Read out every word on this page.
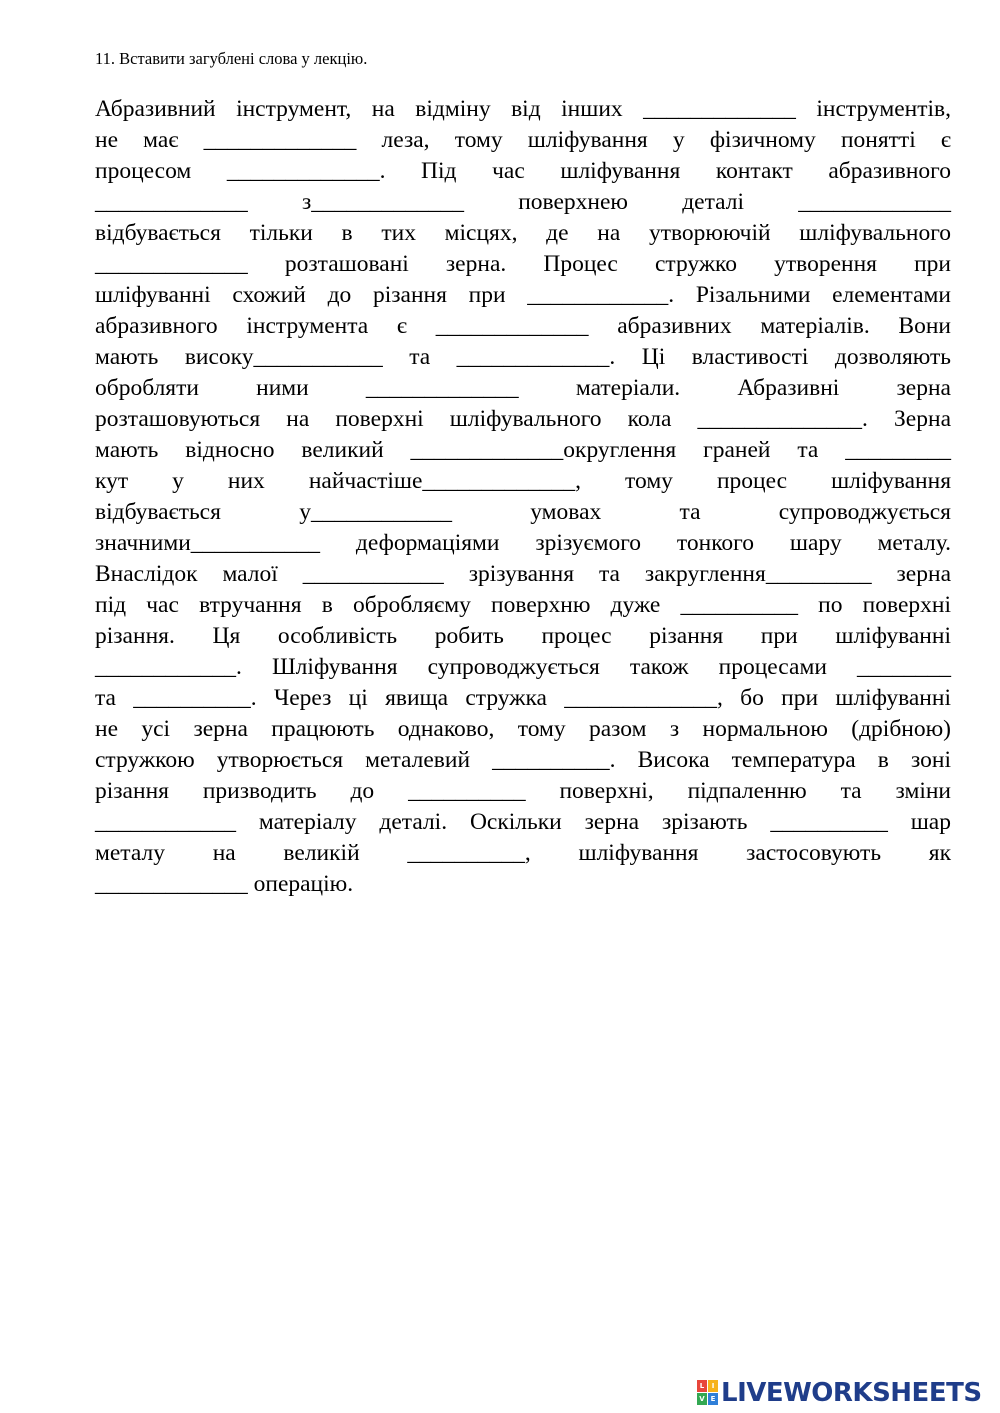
11. Вставити загублені слова у лекцію.
Абразивний інструмент, на відміну від інших _____________ інструментів,
не має _____________ леза, тому шліфування у фізичному понятті є
процесом _____________. Під час шліфування контакт абразивного
_____________ з_____________ поверхнею деталі _____________
відбувається тільки в тих місцях, де на утворюючій шліфувального
_____________ розташовані зерна. Процес стружко утворення при
шліфуванні схожий до різання при ____________. Різальними елементами
абразивного інструмента є _____________ абразивних матеріалів. Вони
мають високу___________ та _____________. Ці властивості дозволяють
обробляти ними _____________ матеріали. Абразивні зерна
розташовуються на поверхні шліфувального кола ______________. Зерна
мають відносно великий _____________округлення граней та _________
кут у них найчастіше_____________, тому процес шліфування
відбувається у____________ умовах та супроводжується
значними___________ деформаціями зрізуємого тонкого шару металу.
Внаслідок малої ____________ зрізування та закруглення_________ зерна
під час втручання в обробляєму поверхню дуже __________ по поверхні
різання. Ця особливість робить процес різання при шліфуванні
____________. Шліфування супроводжується також процесами ________
та __________. Через ці явища стружка _____________, бо при шліфуванні
не усі зерна працюють однаково, тому разом з нормальною (дрібною)
стружкою утворюється металевий __________. Висока температура в зоні
різання призводить до __________ поверхні, підпаленню та зміни
____________ матеріалу деталі. Оскільки зерна зрізають __________ шар
металу на великій __________, шліфування застосовують як
_____________ операцію.
L	I
V E LIVEWORKSHEETS
